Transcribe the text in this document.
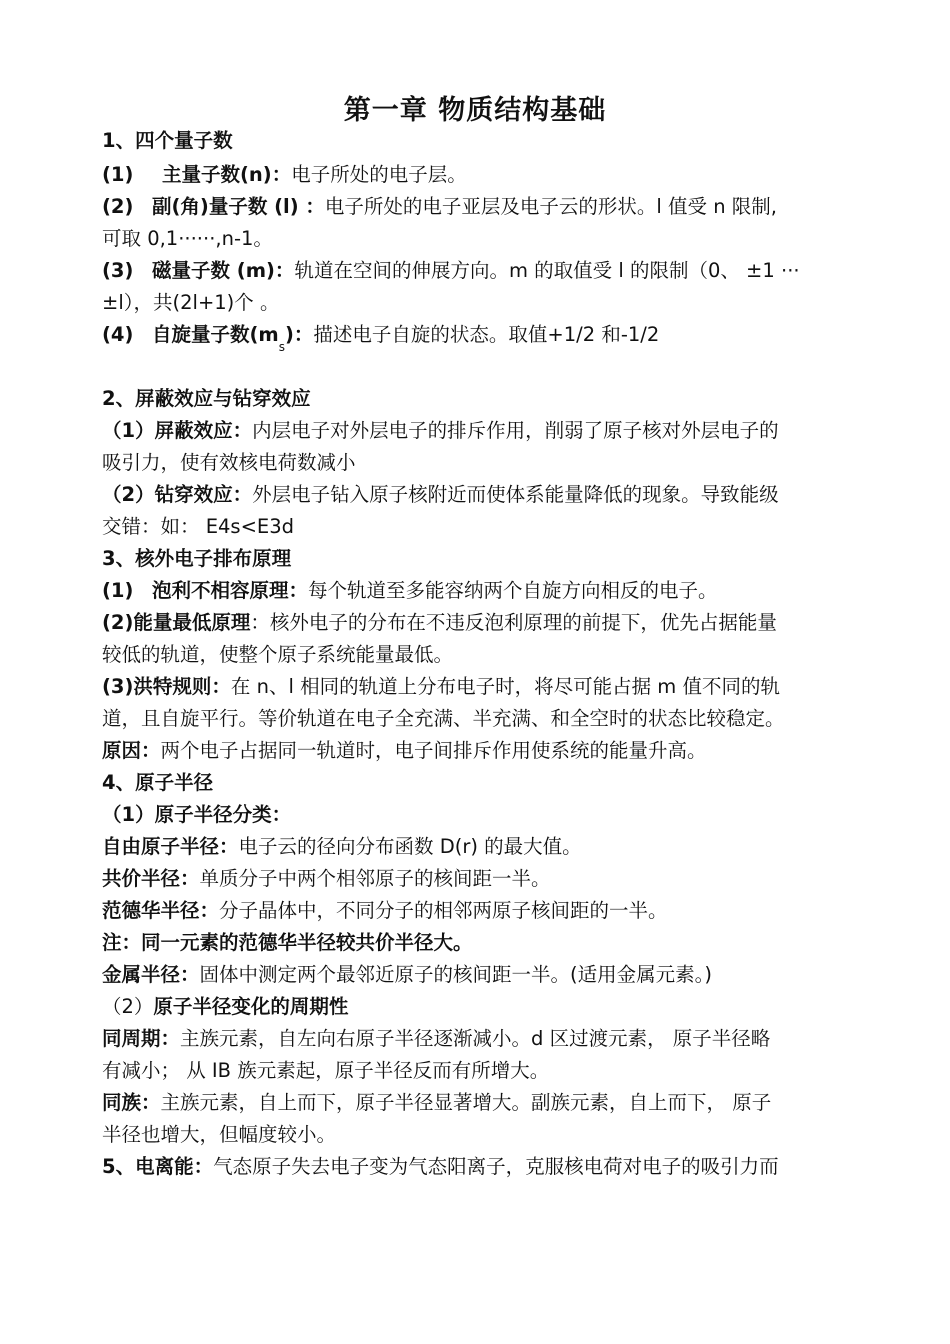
第一章 物质结构基础
1、四个量子数
(1) 主量子数(n)：电子所处的电子层。
(2) 副(角)量子数 (l) ：电子所处的电子亚层及电子云的形状。l 值受 n 限制,
可取 0,1······,n-1。
(3) 磁量子数 (m)：轨道在空间的伸展方向。m 的取值受 l 的限制（0、 ±1 ···
±l），共(2l+1)个 。
(4) 自旋量子数$(m_s)$：描述电子自旋的状态。取值+1/2 和-1/2
2、屏蔽效应与钻穿效应
（1）屏蔽效应：内层电子对外层电子的排斥作用，削弱了原子核对外层电子的
吸引力，使有效核电荷数减小
（2）钻穿效应：外层电子钻入原子核附近而使体系能量降低的现象。导致能级
交错：如： E4s<E3d
3、核外电子排布原理
(1) 泡利不相容原理：每个轨道至多能容纳两个自旋方向相反的电子。
(2)能量最低原理：核外电子的分布在不违反泡利原理的前提下，优先占据能量
较低的轨道，使整个原子系统能量最低。
(3)洪特规则：在 n、l 相同的轨道上分布电子时，将尽可能占据 m 值不同的轨
道，且自旋平行。等价轨道在电子全充满、半充满、和全空时的状态比较稳定。
原因：两个电子占据同一轨道时，电子间排斥作用使系统的能量升高。
4、原子半径
（1）原子半径分类：
自由原子半径：电子云的径向分布函数 D(r) 的最大值。
共价半径：单质分子中两个相邻原子的核间距一半。
范德华半径：分子晶体中，不同分子的相邻两原子核间距的一半。
注：同一元素的范德华半径较共价半径大。
金属半径：固体中测定两个最邻近原子的核间距一半。(适用金属元素。)
（2）原子半径变化的周期性
同周期：主族元素，自左向右原子半径逐渐减小。d 区过渡元素， 原子半径略
有减小； 从 IB 族元素起，原子半径反而有所增大。
同族：主族元素，自上而下，原子半径显著增大。副族元素，自上而下， 原子
半径也增大，但幅度较小。
5、电离能：气态原子失去电子变为气态阳离子，克服核电荷对电子的吸引力而
